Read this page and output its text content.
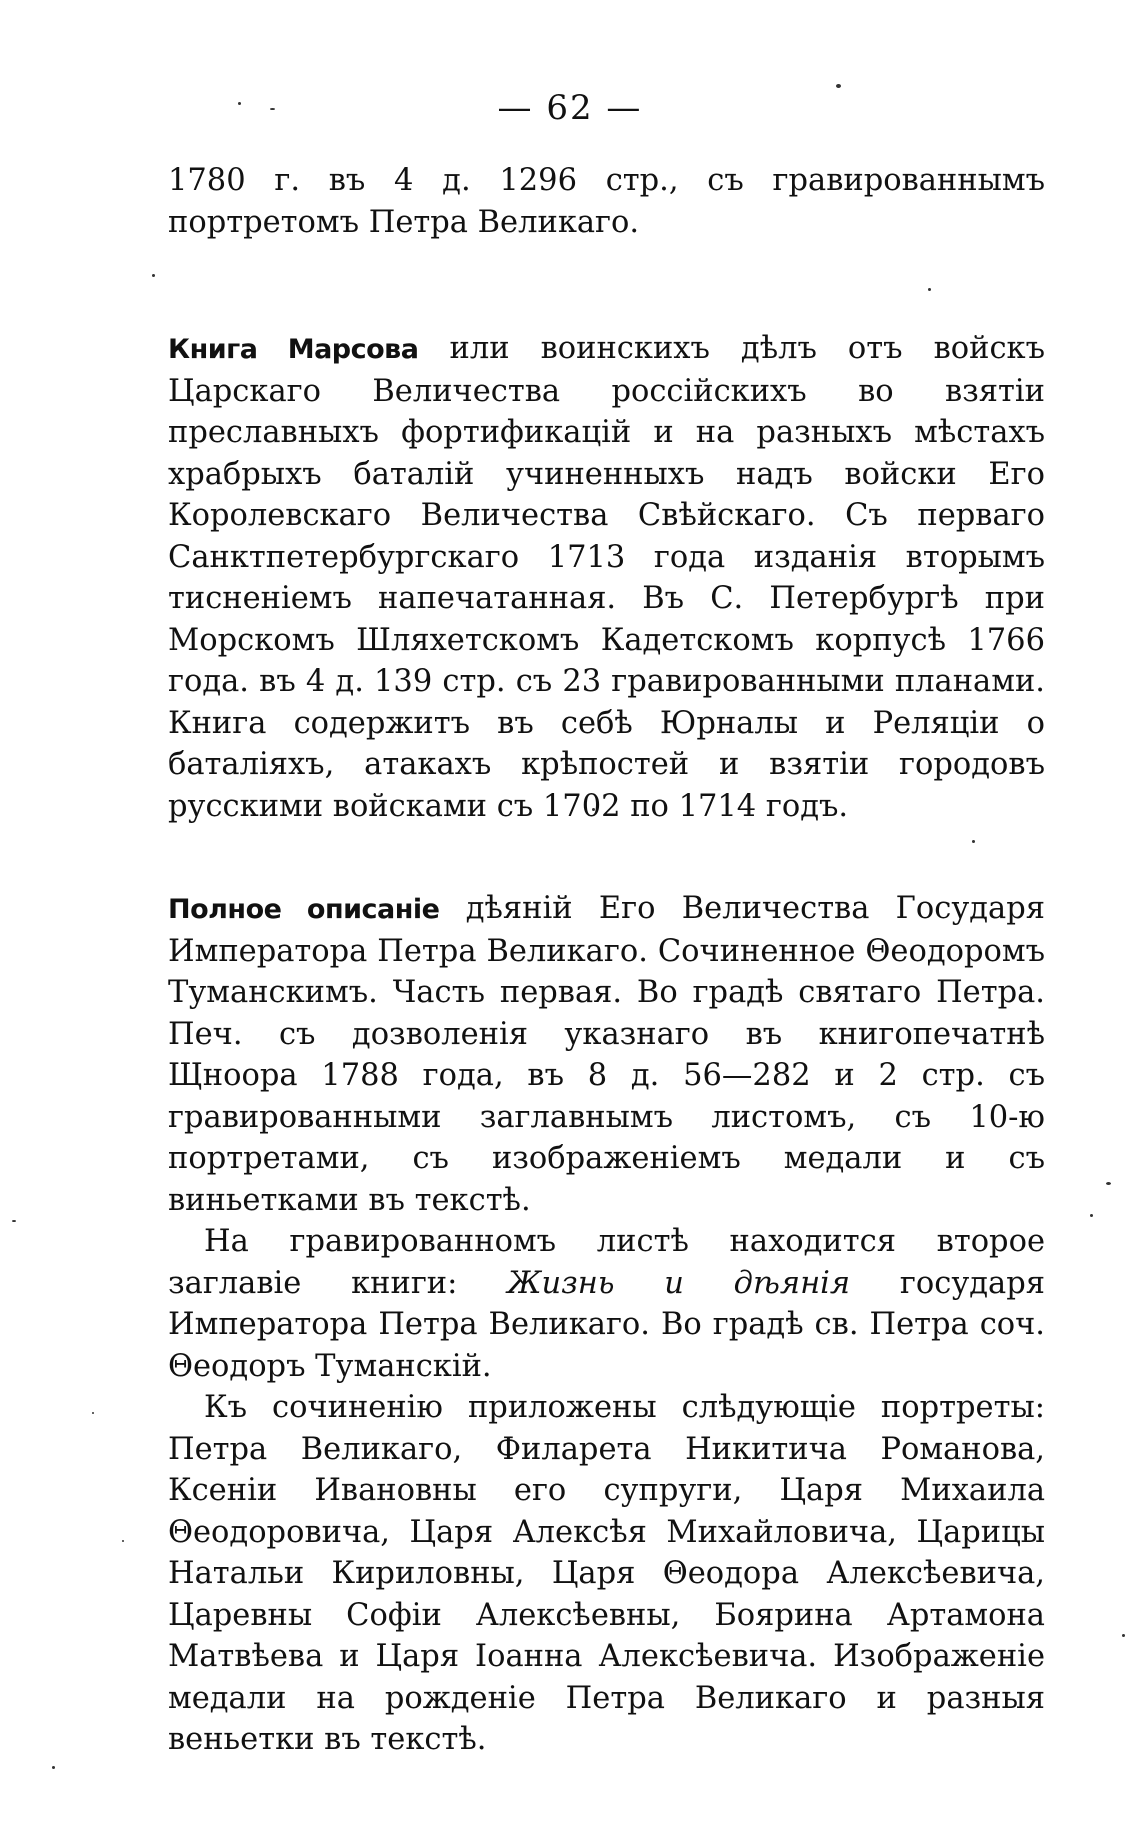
— 62 —

1780 г. въ 4 д. 1296 стр., съ гравированнымъ портретомъ Петра Великаго.

Книга Марсова или воинскихъ дѣлъ отъ войскъ Царскаго Величества россійскихъ во взятіи преславныхъ фортификацій и на разныхъ мѣстахъ храбрыхъ баталій учиненныхъ надъ войски Его Королевскаго Величества Свѣйскаго. Съ перваго Санктпетербургскаго 1713 года изданія вторымъ тисненіемъ напечатанная. Въ С. Петербургѣ при Морскомъ Шляхетскомъ Кадетскомъ корпусѣ 1766 года. въ 4 д. 139 стр. съ 23 гравированными планами. Книга содержитъ въ себѣ Юрналы и Реляціи о баталіяхъ, атакахъ крѣпостей и взятіи городовъ русскими войсками съ 1702 по 1714 годъ.

Полное описаніе дѣяній Его Величества Государя Императора Петра Великаго. Сочиненное Θеодоромъ Туманскимъ. Часть первая. Во градѣ святаго Петра. Печ. съ дозволенія указнаго въ книгопечатнѣ Щноора 1788 года, въ 8 д. 56—282 и 2 стр. съ гравированными заглавнымъ листомъ, съ 10-ю портретами, съ изображеніемъ медали и съ виньетками въ текстѣ.

На гравированномъ листѣ находится второе заглавіе книги: Жизнь и дѣянія государя Императора Петра Великаго. Во градѣ св. Петра соч. Θеодоръ Туманскій.

Къ сочиненію приложены слѣдующіе портреты: Петра Великаго, Филарета Никитича Романова, Ксеніи Ивановны его супруги, Царя Михаила Θеодоровича, Царя Алексѣя Михайловича, Царицы Натальи Кириловны, Царя Θеодора Алексѣевича, Царевны Софіи Алексѣевны, Боярина Артамона Матвѣева и Царя Іоанна Алексѣевича. Изображеніе медали на рожденіе Петра Великаго и разныя веньетки въ текстѣ.
